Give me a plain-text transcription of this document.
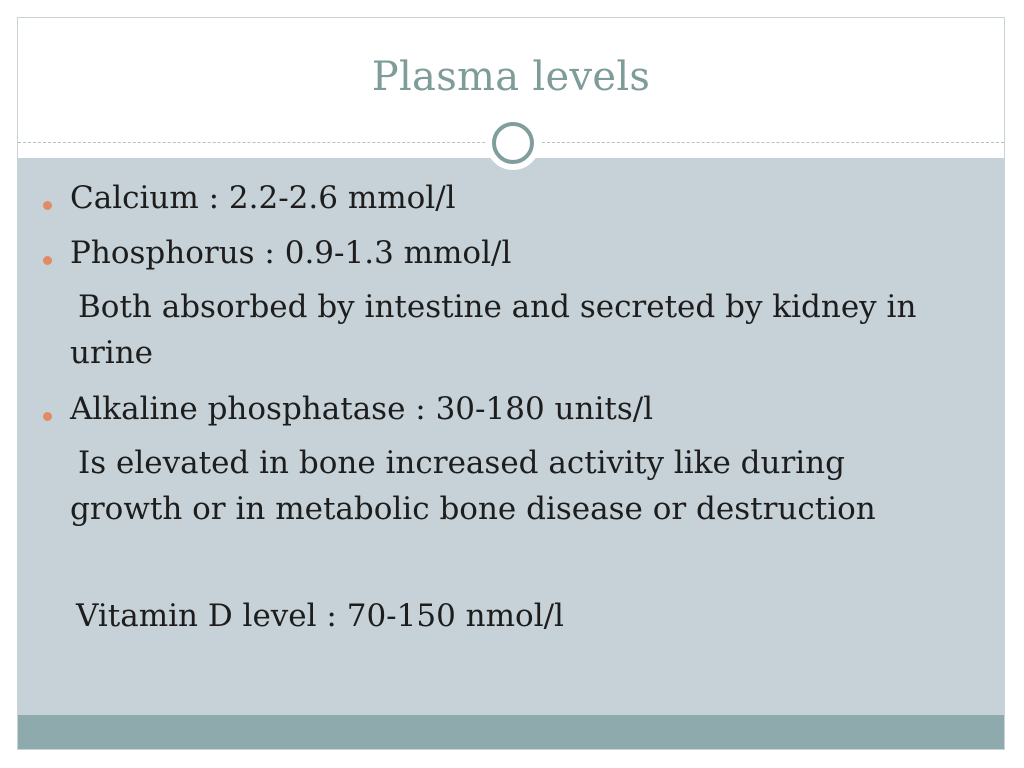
Plasma levels
Calcium : 2.2-2.6 mmol/l
Phosphorus : 0.9-1.3 mmol/l
Both absorbed by intestine and secreted by kidney in
urine
Alkaline phosphatase : 30-180 units/l
Is elevated in bone increased activity like during
growth or in metabolic bone disease or destruction
Vitamin D level : 70-150 nmol/l
